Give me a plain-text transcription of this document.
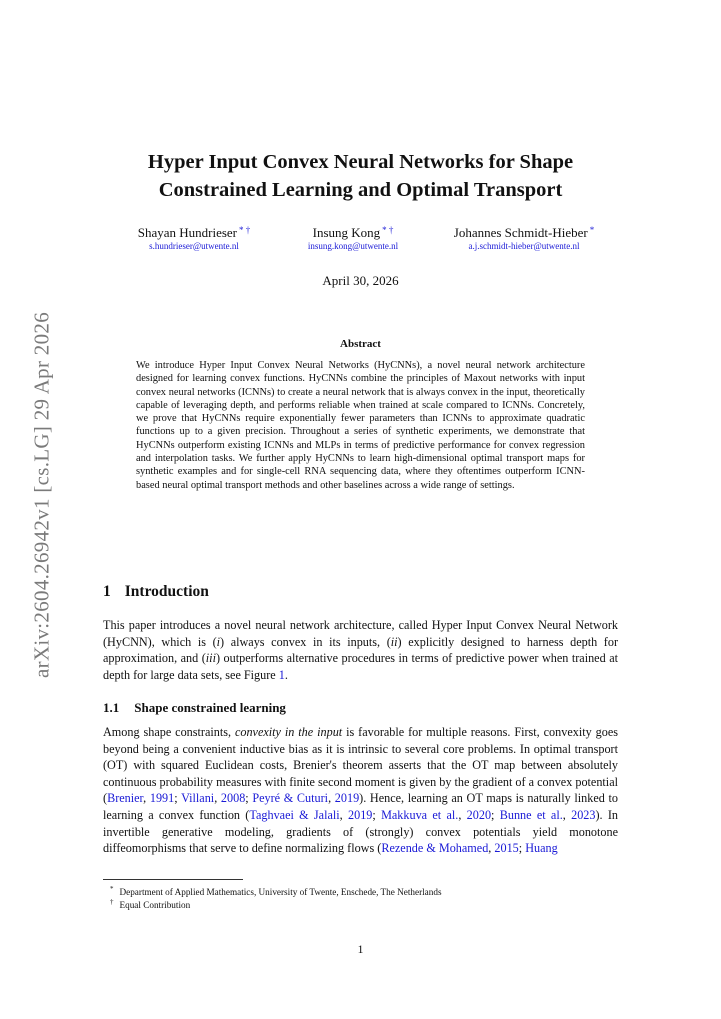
arXiv:2604.26942v1 [cs.LG] 29 Apr 2026
Hyper Input Convex Neural Networks for Shape
Constrained Learning and Optimal Transport
Shayan Hundrieser * †
s.hundrieser@utwente.nl
Insung Kong * †
insung.kong@utwente.nl
Johannes Schmidt-Hieber *
a.j.schmidt-hieber@utwente.nl
April 30, 2026
Abstract
We introduce Hyper Input Convex Neural Networks (HyCNNs), a novel neural network architecture designed for learning convex functions. HyCNNs combine the principles of Maxout networks with input convex neural networks (ICNNs) to create a neural network that is always convex in the input, theoretically capable of leveraging depth, and performs reliable when trained at scale compared to ICNNs. Concretely, we prove that HyCNNs require exponentially fewer parameters than ICNNs to approximate quadratic functions up to a given precision. Throughout a series of synthetic experiments, we demonstrate that HyCNNs outperform existing ICNNs and MLPs in terms of predictive performance for convex regression and interpolation tasks. We further apply HyCNNs to learn high-dimensional optimal transport maps for synthetic examples and for single-cell RNA sequencing data, where they oftentimes outperform ICNN-based neural optimal transport methods and other baselines across a wide range of settings.
1 Introduction
This paper introduces a novel neural network architecture, called Hyper Input Convex Neural Network (HyCNN), which is (i) always convex in its inputs, (ii) explicitly designed to harness depth for approximation, and (iii) outperforms alternative procedures in terms of predictive power when trained at depth for large data sets, see Figure 1.
1.1 Shape constrained learning
Among shape constraints, convexity in the input is favorable for multiple reasons. First, convexity goes beyond being a convenient inductive bias as it is intrinsic to several core problems. In optimal transport (OT) with squared Euclidean costs, Brenier's theorem asserts that the OT map between absolutely continuous probability measures with finite second moment is given by the gradient of a convex potential (Brenier, 1991; Villani, 2008; Peyré & Cuturi, 2019). Hence, learning an OT maps is naturally linked to learning a convex function (Taghvaei & Jalali, 2019; Makkuva et al., 2020; Bunne et al., 2023). In invertible generative modeling, gradients of (strongly) convex potentials yield monotone diffeomorphisms that serve to define normalizing flows (Rezende & Mohamed, 2015; Huang
* Department of Applied Mathematics, University of Twente, Enschede, The Netherlands
† Equal Contribution
1
